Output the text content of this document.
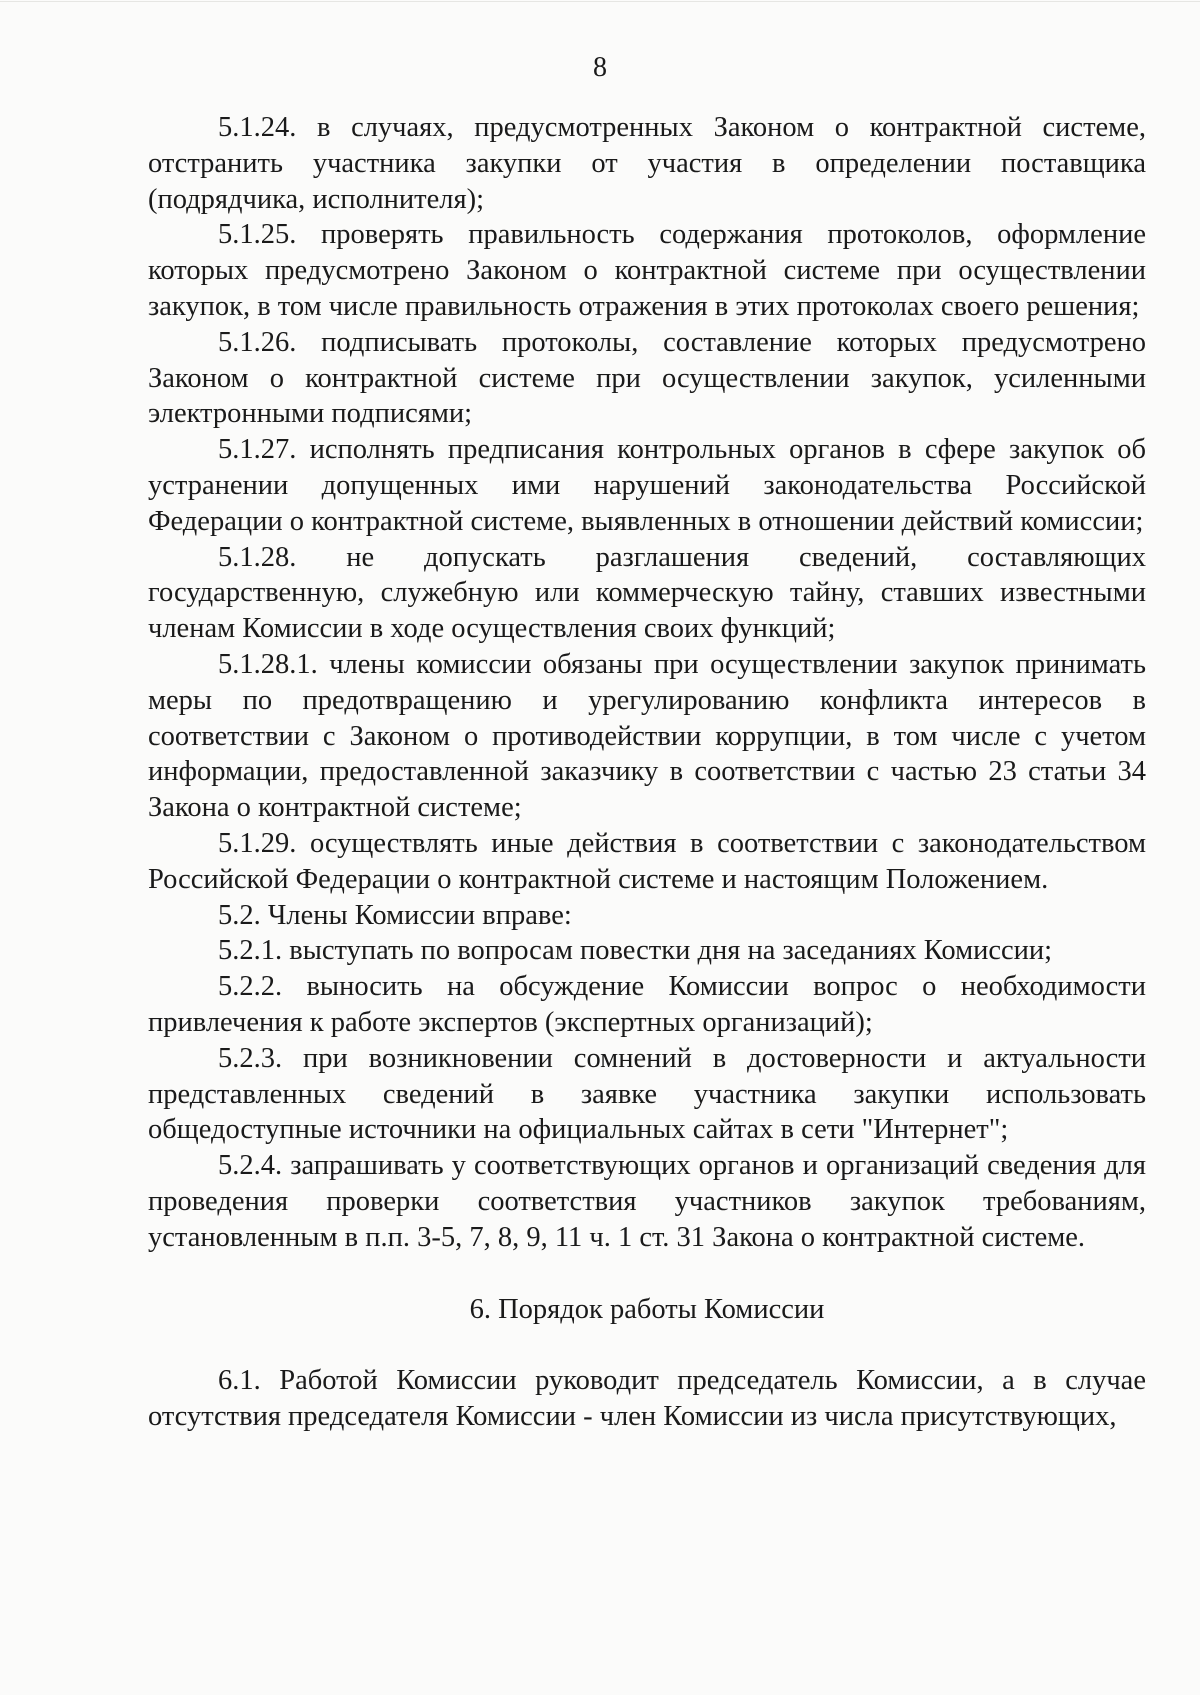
8

5.1.24. в случаях, предусмотренных Законом о контрактной системе, отстранить участника закупки от участия в определении поставщика (подрядчика, исполнителя);

5.1.25. проверять правильность содержания протоколов, оформление которых предусмотрено Законом о контрактной системе при осуществлении закупок, в том числе правильность отражения в этих протоколах своего решения;

5.1.26. подписывать протоколы, составление которых предусмотрено Законом о контрактной системе при осуществлении закупок, усиленными электронными подписями;

5.1.27. исполнять предписания контрольных органов в сфере закупок об устранении допущенных ими нарушений законодательства Российской Федерации о контрактной системе, выявленных в отношении действий комиссии;

5.1.28. не допускать разглашения сведений, составляющих государственную, служебную или коммерческую тайну, ставших известными членам Комиссии в ходе осуществления своих функций;

5.1.28.1. члены комиссии обязаны при осуществлении закупок принимать меры по предотвращению и урегулированию конфликта интересов в соответствии с Законом о противодействии коррупции, в том числе с учетом информации, предоставленной заказчику в соответствии с частью 23 статьи 34 Закона о контрактной системе;

5.1.29. осуществлять иные действия в соответствии с законодательством Российской Федерации о контрактной системе и настоящим Положением.

5.2. Члены Комиссии вправе:

5.2.1. выступать по вопросам повестки дня на заседаниях Комиссии;

5.2.2. выносить на обсуждение Комиссии вопрос о необходимости привлечения к работе экспертов (экспертных организаций);

5.2.3. при возникновении сомнений в достоверности и актуальности представленных сведений в заявке участника закупки использовать общедоступные источники на официальных сайтах в сети "Интернет";

5.2.4. запрашивать у соответствующих органов и организаций сведения для проведения проверки соответствия участников закупок требованиям, установленным в п.п. 3-5, 7, 8, 9, 11 ч. 1 ст. 31 Закона о контрактной системе.

6. Порядок работы Комиссии

6.1. Работой Комиссии руководит председатель Комиссии, а в случае отсутствия председателя Комиссии - член Комиссии из числа присутствующих,
